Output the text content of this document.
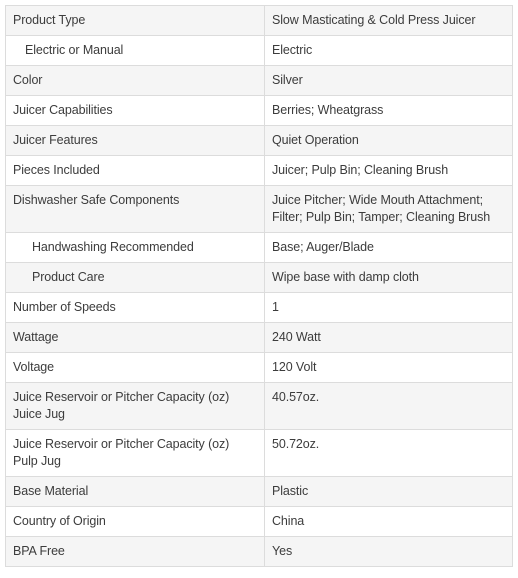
Product Type	Slow Masticating & Cold Press Juicer
Electric or Manual	Electric
Color	Silver
Juicer Capabilities	Berries; Wheatgrass
Juicer Features	Quiet Operation
Pieces Included	Juicer; Pulp Bin; Cleaning Brush
Dishwasher Safe Components	Juice Pitcher; Wide Mouth Attachment; Filter; Pulp Bin; Tamper; Cleaning Brush
Handwashing Recommended	Base; Auger/Blade
Product Care	Wipe base with damp cloth
Number of Speeds	1
Wattage	240 Watt
Voltage	120 Volt
Juice Reservoir or Pitcher Capacity (oz) Juice Jug	40.57oz.
Juice Reservoir or Pitcher Capacity (oz) Pulp Jug	50.72oz.
Base Material	Plastic
Country of Origin	China
BPA Free	Yes
